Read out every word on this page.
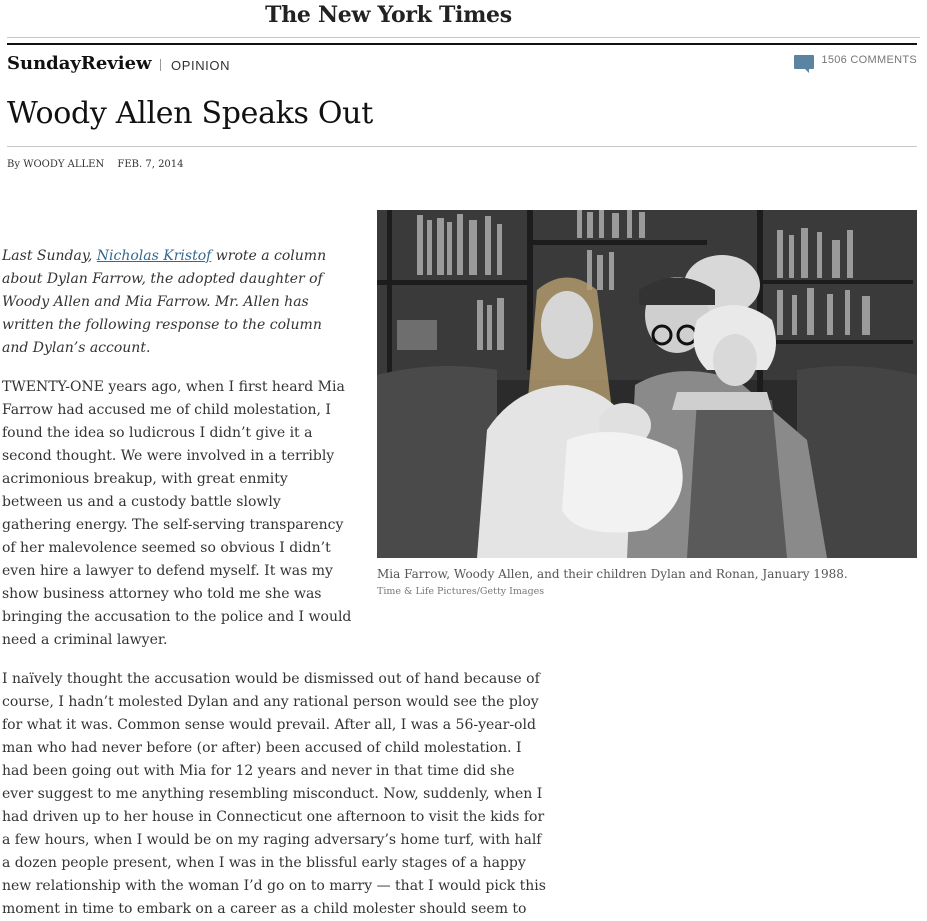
The New York Times
SundayReview OPINION	1506 COMMENTS
Woody Allen Speaks Out
By WOODY ALLEN FEB. 7, 2014
Mia Farrow, Woody Allen, and their children Dylan and Ronan, January 1988.
Time & Life Pictures/Getty Images

Last Sunday, Nicholas Kristof wrote a column about Dylan Farrow, the adopted daughter of Woody Allen and Mia Farrow. Mr. Allen has written the following response to the column and Dylan’s account.

TWENTY-ONE years ago, when I first heard Mia Farrow had accused me of child molestation, I found the idea so ludicrous I didn’t give it a second thought. We were involved in a terribly acrimonious breakup, with great enmity between us and a custody battle slowly gathering energy. The self-serving transparency of her malevolence seemed so obvious I didn’t even hire a lawyer to defend myself. It was my show business attorney who told me she was bringing the accusation to the police and I would need a criminal lawyer.

I naïvely thought the accusation would be dismissed out of hand because of course, I hadn’t molested Dylan and any rational person would see the ploy for what it was. Common sense would prevail. After all, I was a 56-year-old man who had never before (or after) been accused of child molestation. I had been going out with Mia for 12 years and never in that time did she ever suggest to me anything resembling misconduct. Now, suddenly, when I had driven up to her house in Connecticut one afternoon to visit the kids for a few hours, when I would be on my raging adversary’s home turf, with half a dozen people present, when I was in the blissful early stages of a happy new relationship with the woman I’d go on to marry — that I would pick this moment in time to embark on a career as a child molester should seem to
